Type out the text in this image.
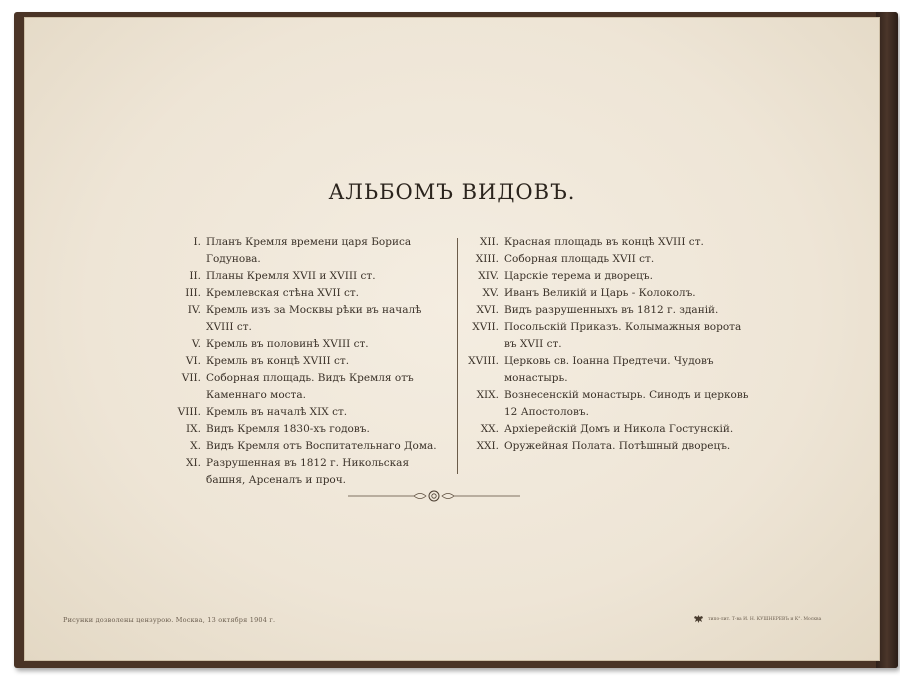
АЛЬБОМЪ ВИДОВЪ.
I. Планъ Кремля времени царя Бориса Годунова.
II. Планы Кремля XVII и XVIII ст.
III. Кремлевская стѣна XVII ст.
IV. Кремль изъ за Москвы рѣки въ началѣ XVIII ст.
V. Кремль въ половинѣ XVIII ст.
VI. Кремль въ концѣ XVIII ст.
VII. Соборная площадь. Видъ Кремля отъ Каменнаго моста.
VIII. Кремль въ началѣ XIX ст.
IX. Видъ Кремля 1830-хъ годовъ.
X. Видъ Кремля отъ Воспитательнаго Дома.
XI. Разрушенная въ 1812 г. Никольская башня, Арсеналъ и проч.
XII. Красная площадь въ концѣ XVIII ст.
XIII. Соборная площадь XVII ст.
XIV. Царскіе терема и дворецъ.
XV. Иванъ Великій и Царь - Колоколъ.
XVI. Видъ разрушенныхъ въ 1812 г. зданій.
XVII. Посольскій Приказъ. Колымажныя ворота въ XVII ст.
XVIII. Церковь св. Іоанна Предтечи. Чудовъ монастырь.
XIX. Вознесенскій монастырь. Синодъ и церковь 12 Апостоловъ.
XX. Архіерейскій Домъ и Никола Гостунскій.
XXI. Оружейная Полата. Потѣшный дворецъ.
Рисунки дозволены цензурою. Москва, 13 октября 1904 г.	типо-лит. Т-ва И. Н. КУШНЕРЕВЪ и К°. Москва
